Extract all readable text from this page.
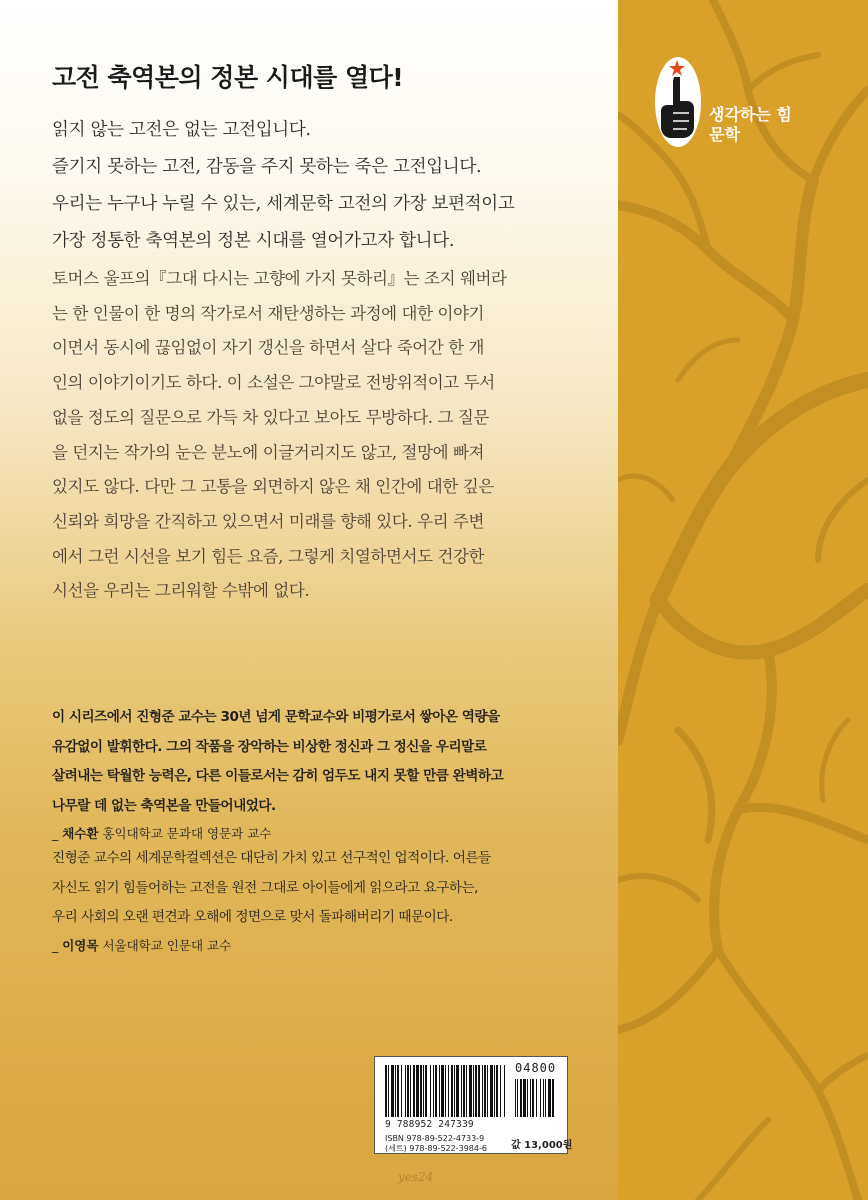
생각하는 힘
문학
고전 축역본의 정본 시대를 열다!

읽지 않는 고전은 없는 고전입니다.

즐기지 못하는 고전, 감동을 주지 못하는 죽은 고전입니다.

우리는 누구나 누릴 수 있는, 세계문학 고전의 가장 보편적이고

가장 정통한 축역본의 정본 시대를 열어가고자 합니다.

토머스 울프의『그대 다시는 고향에 가지 못하리』는 조지 웨버라

는 한 인물이 한 명의 작가로서 재탄생하는 과정에 대한 이야기

이면서 동시에 끊임없이 자기 갱신을 하면서 살다 죽어간 한 개

인의 이야기이기도 하다. 이 소설은 그야말로 전방위적이고 두서

없을 정도의 질문으로 가득 차 있다고 보아도 무방하다. 그 질문

을 던지는 작가의 눈은 분노에 이글거리지도 않고, 절망에 빠져

있지도 않다. 다만 그 고통을 외면하지 않은 채 인간에 대한 깊은

신뢰와 희망을 간직하고 있으면서 미래를 향해 있다. 우리 주변

에서 그런 시선을 보기 힘든 요즘, 그렇게 치열하면서도 건강한

시선을 우리는 그리워할 수밖에 없다.

이 시리즈에서 진형준 교수는 30년 넘게 문학교수와 비평가로서 쌓아온 역량을

유감없이 발휘한다. 그의 작품을 장악하는 비상한 정신과 그 정신을 우리말로

살려내는 탁월한 능력은, 다른 이들로서는 감히 엄두도 내지 못할 만큼 완벽하고

나무랄 데 없는 축역본을 만들어내었다.

_ 채수환 홍익대학교 문과대 영문과 교수

진형준 교수의 세계문학컬렉션은 대단히 가치 있고 선구적인 업적이다. 어른들

자신도 읽기 힘들어하는 고전을 원전 그대로 아이들에게 읽으라고 요구하는,

우리 사회의 오랜 편견과 오해에 정면으로 맞서 돌파해버리기 때문이다.

_ 이영목 서울대학교 인문대 교수
04800
9 788952 247339
ISBN 978-89-522-4733-9
(세트) 978-89-522-3984-6 값 13,000원
yes24
